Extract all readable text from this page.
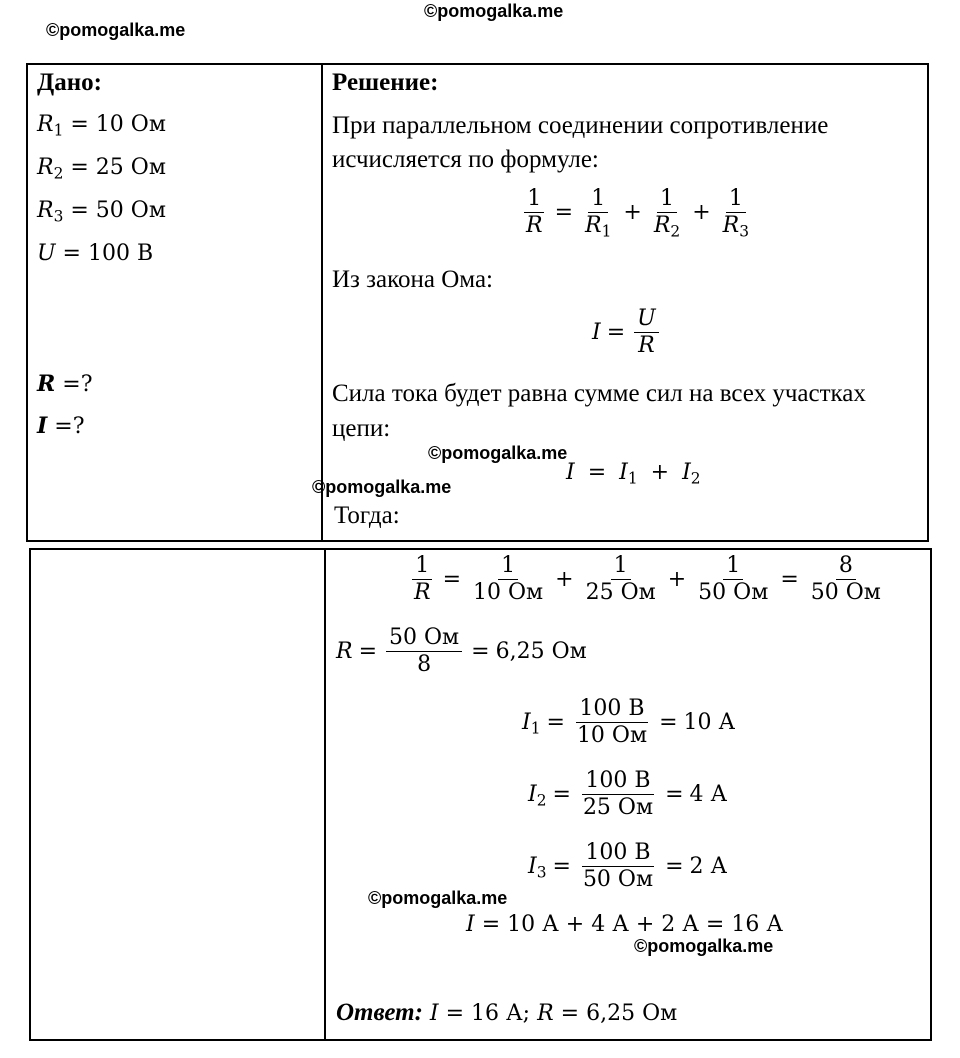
©pomogalka.me
©pomogalka.me
©pomogalka.me
©pomogalka.me
©pomogalka.me
©pomogalka.me
Дано:
$R_1 = 10$ Ом
$R_2 = 25$ Ом
$R_3 = 50$ Ом
U = 100 В
R =?
I =?
Решение:
При параллельном соединении сопротивление
исчисляется по формуле:
$\frac{1}{R} = \frac{1}{R_1} + \frac{1}{R_2} + \frac{1}{R_3}$
Из закона Ома:
$I = \frac{U}{R}$
Сила тока будет равна сумме сил на всех участках
цепи:
$I = I_1 + I_2$
Тогда:
$\frac{1}{R} = \frac{1}{10 Ом} + \frac{1}{25 Ом} + \frac{1}{50 Ом} = \frac{8}{50 Ом}$
$R = \frac{50 Ом}{8} = 6,25$ Ом
$I_1 = \frac{100 В}{10 Ом} = 10$ А
$I_2 = \frac{100 В}{25 Ом} = 4$ А
$I_3 = \frac{100 В}{50 Ом} = 2$ А
I = 10 А + 4 А + 2 А = 16 А
Ответ: I = 16 А; R = 6,25 Ом
